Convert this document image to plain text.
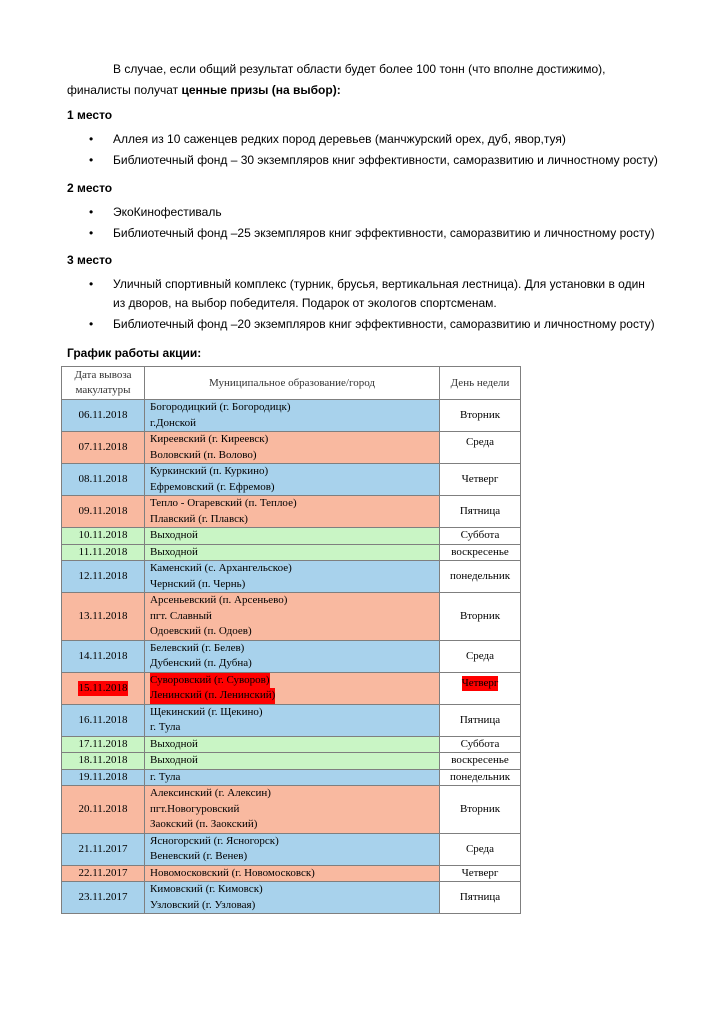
В случае, если общий результат области будет более 100 тонн (что вполне достижимо),
финалисты получат ценные призы (на выбор):
1 место
• Аллея из 10 саженцев редких пород деревьев (манчжурский орех, дуб, явор,туя)
• Библиотечный фонд – 30 экземпляров книг эффективности, саморазвитию и личностному росту)
2 место
• ЭкоКинофестиваль
• Библиотечный фонд –25 экземпляров книг эффективности, саморазвитию и личностному росту)
3 место
• Уличный спортивный комплекс (турник, брусья, вертикальная лестница). Для установки в один
из дворов, на выбор победителя. Подарок от экологов спортсменам.
• Библиотечный фонд –20 экземпляров книг эффективности, саморазвитию и личностному росту)
График работы акции:
Дата вывоза макулатуры	Муниципальное образование/город	День недели
06.11.2018	Богородицкий (г. Богородицк)
г.Донской	Вторник
07.11.2018	Киреевский (г. Киреевск)
Воловский (п. Волово)	Среда
08.11.2018	Куркинский (п. Куркино)
Ефремовский (г. Ефремов)	Четверг
09.11.2018	Тепло - Огаревский (п. Теплое)
Плавский (г. Плавск)	Пятница
10.11.2018	Выходной	Суббота
11.11.2018	Выходной	воскресенье
12.11.2018	Каменский (с. Архангельское)
Чернский (п. Чернь)	понедельник
13.11.2018	Арсеньевский (п. Арсеньево)
пгт. Славный
Одоевский (п. Одоев)	Вторник
14.11.2018	Белевский (г. Белев)
Дубенский (п. Дубна)	Среда
15.11.2018	Суворовский (г. Суворов)
Ленинский (п. Ленинский)	Четверг
16.11.2018	Щекинский (г. Щекино)
г. Тула	Пятница
17.11.2018	Выходной	Суббота
18.11.2018	Выходной	воскресенье
19.11.2018	г. Тула	понедельник
20.11.2018	Алексинский (г. Алексин)
пгт.Новогуровский
Заокский (п. Заокский)	Вторник
21.11.2017	Ясногорский (г. Ясногорск)
Веневский (г. Венев)	Среда
22.11.2017	Новомосковский (г. Новомосковск)	Четверг
23.11.2017	Кимовский (г. Кимовск)
Узловский (г. Узловая)	Пятница
